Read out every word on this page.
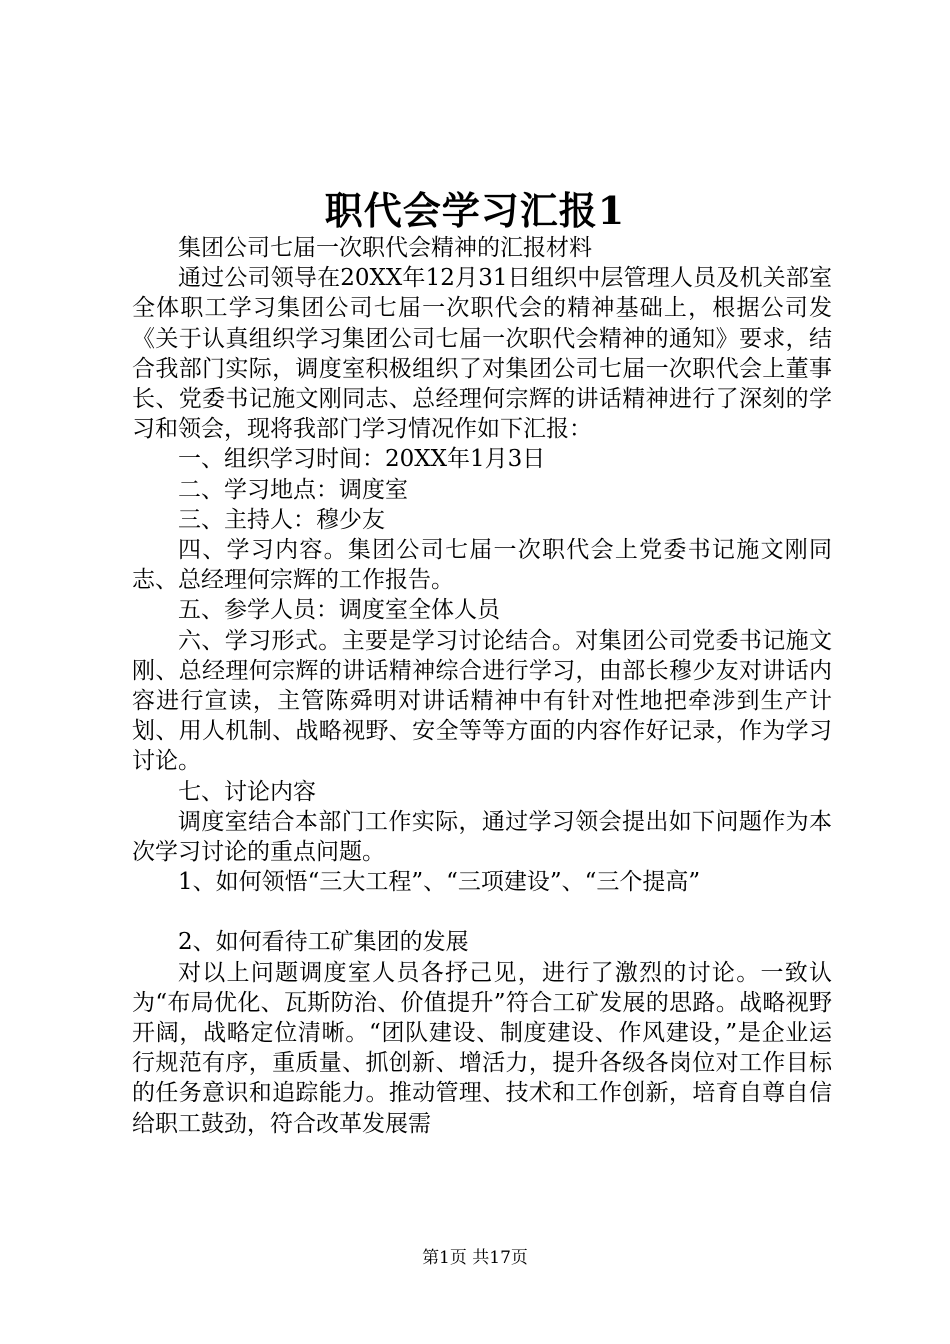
职代会学习汇报1

集团公司七届一次职代会精神的汇报材料

通过公司领导在20XX年12月31日组织中层管理人员及机关部室全体职工学习集团公司七届一次职代会的精神基础上，根据公司发《关于认真组织学习集团公司七届一次职代会精神的通知》要求，结合我部门实际，调度室积极组织了对集团公司七届一次职代会上董事长、党委书记施文刚同志、总经理何宗辉的讲话精神进行了深刻的学习和领会，现将我部门学习情况作如下汇报：

一、组织学习时间：20XX年1月3日

二、学习地点：调度室

三、主持人：穆少友

四、学习内容。集团公司七届一次职代会上党委书记施文刚同志、总经理何宗辉的工作报告。

五、参学人员：调度室全体人员

六、学习形式。主要是学习讨论结合。对集团公司党委书记施文刚、总经理何宗辉的讲话精神综合进行学习，由部长穆少友对讲话内容进行宣读，主管陈舜明对讲话精神中有针对性地把牵涉到生产计划、用人机制、战略视野、安全等等方面的内容作好记录，作为学习讨论。

七、讨论内容

调度室结合本部门工作实际，通过学习领会提出如下问题作为本次学习讨论的重点问题。

1、如何领悟“三大工程”、“三项建设”、“三个提高”

2、如何看待工矿集团的发展

对以上问题调度室人员各抒己见，进行了激烈的讨论。一致认为“布局优化、瓦斯防治、价值提升”符合工矿发展的思路。战略视野开阔，战略定位清晰。“团队建设、制度建设、作风建设，”是企业运行规范有序，重质量、抓创新、增活力，提升各级各岗位对工作目标的任务意识和追踪能力。推动管理、技术和工作创新，培育自尊自信给职工鼓劲，符合改革发展需

第1页 共17页
